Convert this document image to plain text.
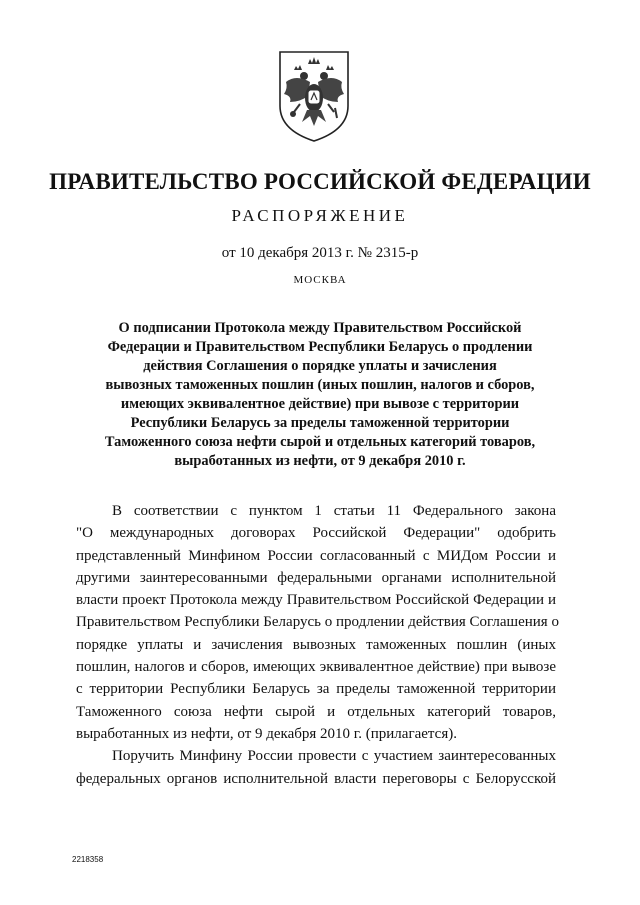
ПРАВИТЕЛЬСТВО РОССИЙСКОЙ ФЕДЕРАЦИИ
РАСПОРЯЖЕНИЕ
от 10 декабря 2013 г. № 2315-р
МОСКВА
О подписании Протокола между Правительством Российской
Федерации и Правительством Республики Беларусь о продлении
действия Соглашения о порядке уплаты и зачисления
вывозных таможенных пошлин (иных пошлин, налогов и сборов,
имеющих эквивалентное действие) при вывозе с территории
Республики Беларусь за пределы таможенной территории
Таможенного союза нефти сырой и отдельных категорий товаров,
выработанных из нефти, от 9 декабря 2010 г.
В соответствии с пунктом 1 статьи 11 Федерального закона
"О международных договорах Российской Федерации" одобрить
представленный Минфином России согласованный с МИДом России и
другими заинтересованными федеральными органами исполнительной
власти проект Протокола между Правительством Российской Федерации и
Правительством Республики Беларусь о продлении действия Соглашения о
порядке уплаты и зачисления вывозных таможенных пошлин (иных
пошлин, налогов и сборов, имеющих эквивалентное действие) при вывозе
с территории Республики Беларусь за пределы таможенной территории
Таможенного союза нефти сырой и отдельных категорий товаров,
выработанных из нефти, от 9 декабря 2010 г. (прилагается).
Поручить Минфину России провести с участием заинтересованных
федеральных органов исполнительной власти переговоры с Белорусской
2218358
